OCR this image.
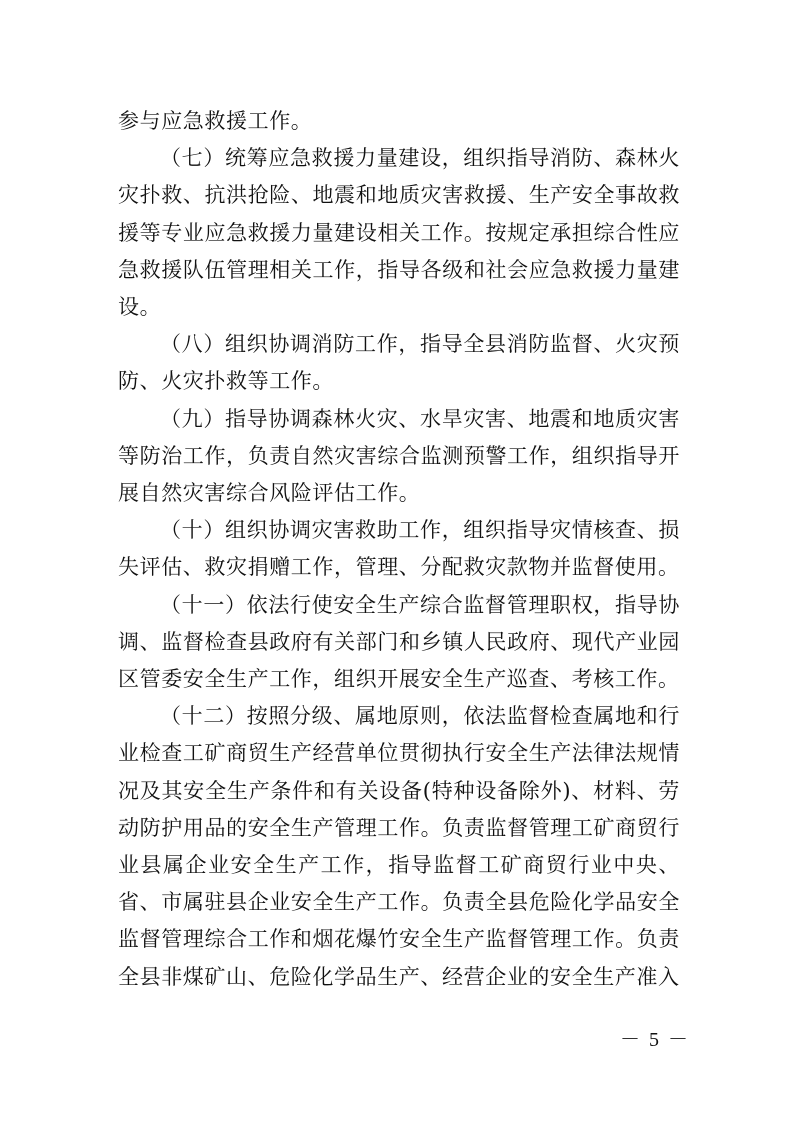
参与应急救援工作。

（七）统筹应急救援力量建设，组织指导消防、森林火灾扑救、抗洪抢险、地震和地质灾害救援、生产安全事故救援等专业应急救援力量建设相关工作。按规定承担综合性应急救援队伍管理相关工作，指导各级和社会应急救援力量建设。

（八）组织协调消防工作，指导全县消防监督、火灾预防、火灾扑救等工作。

（九）指导协调森林火灾、水旱灾害、地震和地质灾害等防治工作，负责自然灾害综合监测预警工作，组织指导开展自然灾害综合风险评估工作。

（十）组织协调灾害救助工作，组织指导灾情核查、损失评估、救灾捐赠工作，管理、分配救灾款物并监督使用。

（十一）依法行使安全生产综合监督管理职权，指导协调、监督检查县政府有关部门和乡镇人民政府、现代产业园区管委安全生产工作，组织开展安全生产巡查、考核工作。

（十二）按照分级、属地原则，依法监督检查属地和行业检查工矿商贸生产经营单位贯彻执行安全生产法律法规情况及其安全生产条件和有关设备(特种设备除外)、材料、劳动防护用品的安全生产管理工作。负责监督管理工矿商贸行业县属企业安全生产工作，指导监督工矿商贸行业中央、省、市属驻县企业安全生产工作。负责全县危险化学品安全监督管理综合工作和烟花爆竹安全生产监督管理工作。负责全县非煤矿山、危险化学品生产、经营企业的安全生产准入

－ 5 －
